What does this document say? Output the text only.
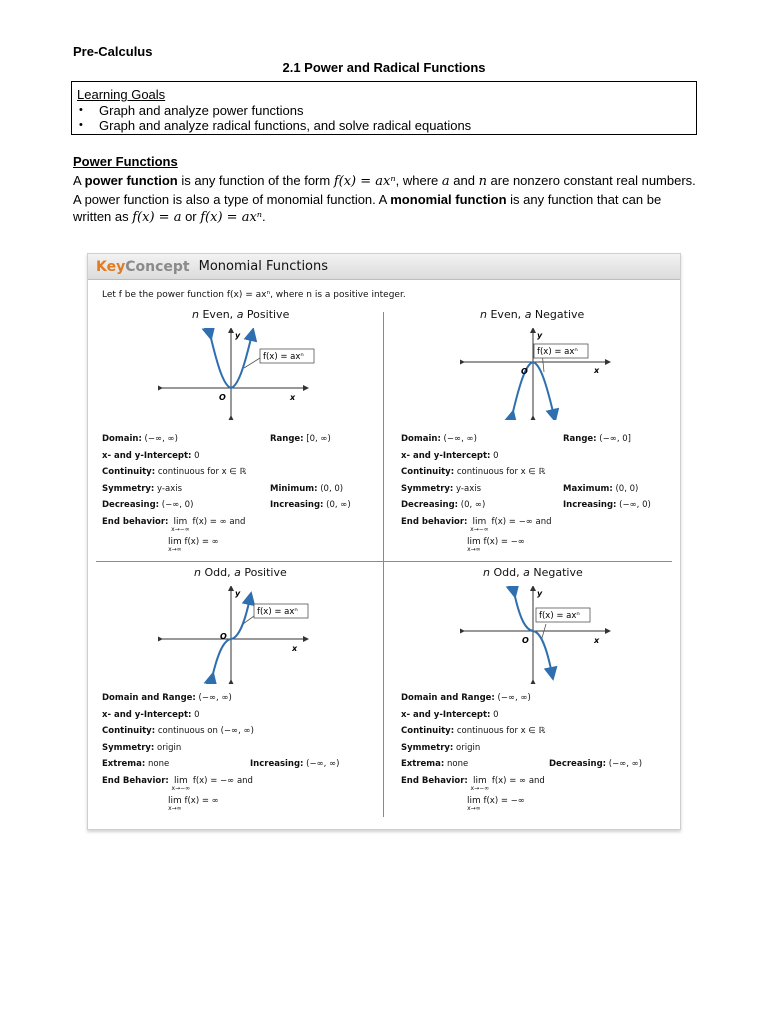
Pre-Calculus
2.1 Power and Radical Functions
Learning Goals
• Graph and analyze power functions
• Graph and analyze radical functions, and solve radical equations
Power Functions
A power function is any function of the form f(x) = axⁿ, where a and n are nonzero constant real numbers. A power function is also a type of monomial function. A monomial function is any function that can be written as f(x) = a or f(x) = axⁿ.
Key Concept Monomial Functions
Let f be the power function f(x) = axⁿ, where n is a positive integer.
n Even, a Positive
f(x) = axⁿ
y
x
O
Domain: (−∞, ∞)	Range: [0, ∞)
x- and y-Intercept: 0
Continuity: continuous for x ∈ ℝ
Symmetry: y-axis	Minimum: (0, 0)
Decreasing: (−∞, 0)	Increasing: (0, ∞)
End behavior: lim
x→−∞
f(x) = ∞ and
lim
x→∞
f(x) = ∞
n Even, a Negative
f(x) = axⁿ
y
x
O
Domain: (−∞, ∞)	Range: (−∞, 0]
x- and y-Intercept: 0
Continuity: continuous for x ∈ ℝ
Symmetry: y-axis	Maximum: (0, 0)
Decreasing: (0, ∞)	Increasing: (−∞, 0)
End behavior: lim
x→−∞
f(x) = −∞ and
lim
x→∞
f(x) = −∞
n Odd, a Positive
f(x) = axⁿ
y
x
O
Domain and Range: (−∞, ∞)
x- and y-Intercept: 0
Continuity: continuous on (−∞, ∞)
Symmetry: origin
Extrema: none	Increasing: (−∞, ∞)
End Behavior: lim
x→−∞
f(x) = −∞ and
lim
x→∞
f(x) = ∞
n Odd, a Negative
f(x) = axⁿ
y
x
O
Domain and Range: (−∞, ∞)
x- and y-Intercept: 0
Continuity: continuous for x ∈ ℝ
Symmetry: origin
Extrema: none	Decreasing: (−∞, ∞)
End Behavior: lim
x→−∞
f(x) = ∞ and
lim
x→∞
f(x) = −∞
